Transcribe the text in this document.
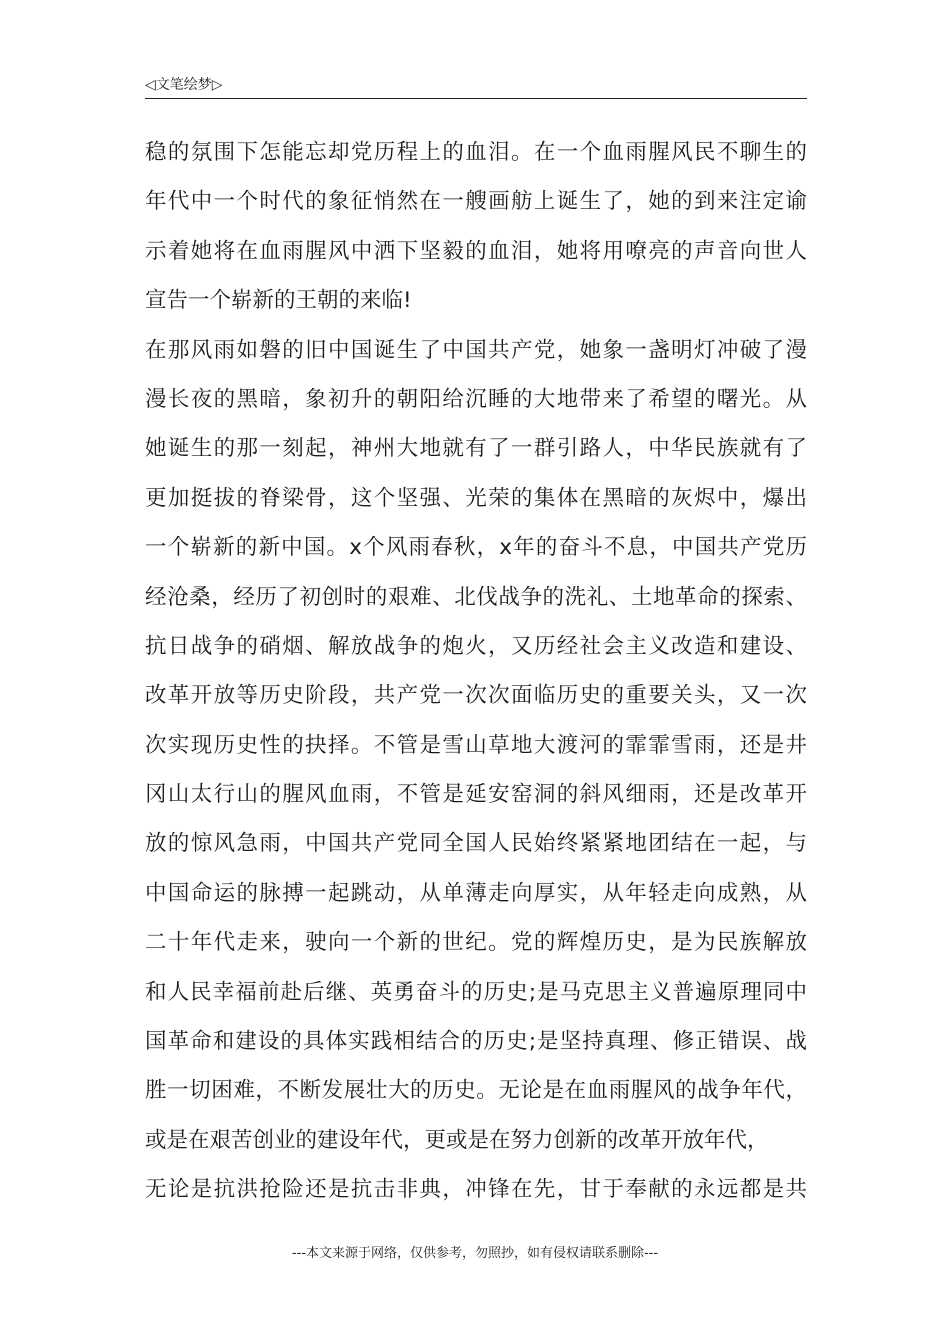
◁文笔绘梦▷
稳的氛围下怎能忘却党历程上的血泪。在一个血雨腥风民不聊生的
年代中一个时代的象征悄然在一艘画舫上诞生了，她的到来注定谕
示着她将在血雨腥风中洒下坚毅的血泪，她将用嘹亮的声音向世人
宣告一个崭新的王朝的来临!
在那风雨如磐的旧中国诞生了中国共产党，她象一盏明灯冲破了漫
漫长夜的黑暗，象初升的朝阳给沉睡的大地带来了希望的曙光。从
她诞生的那一刻起，神州大地就有了一群引路人，中华民族就有了
更加挺拔的脊梁骨，这个坚强、光荣的集体在黑暗的灰烬中，爆出
一个崭新的新中国。x个风雨春秋，x年的奋斗不息，中国共产党历
经沧桑，经历了初创时的艰难、北伐战争的洗礼、土地革命的探索、
抗日战争的硝烟、解放战争的炮火，又历经社会主义改造和建设、
改革开放等历史阶段，共产党一次次面临历史的重要关头，又一次
次实现历史性的抉择。不管是雪山草地大渡河的霏霏雪雨，还是井
冈山太行山的腥风血雨，不管是延安窑洞的斜风细雨，还是改革开
放的惊风急雨，中国共产党同全国人民始终紧紧地团结在一起，与
中国命运的脉搏一起跳动，从单薄走向厚实，从年轻走向成熟，从
二十年代走来，驶向一个新的世纪。党的辉煌历史，是为民族解放
和人民幸福前赴后继、英勇奋斗的历史;是马克思主义普遍原理同中
国革命和建设的具体实践相结合的历史;是坚持真理、修正错误、战
胜一切困难，不断发展壮大的历史。无论是在血雨腥风的战争年代，
或是在艰苦创业的建设年代，更或是在努力创新的改革开放年代，
无论是抗洪抢险还是抗击非典，冲锋在先，甘于奉献的永远都是共
---本文来源于网络，仅供参考，勿照抄，如有侵权请联系删除---
